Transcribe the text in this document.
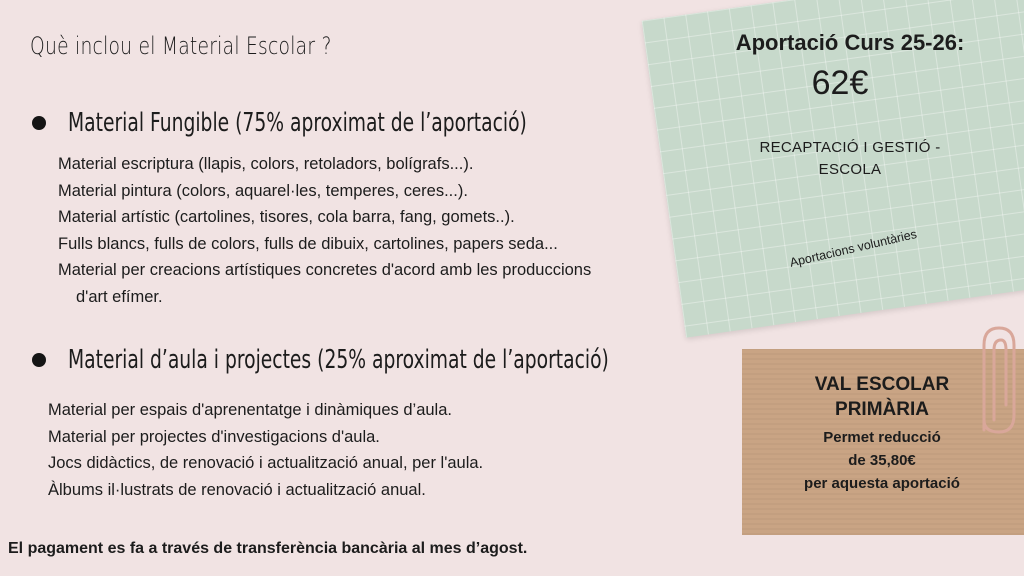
Què inclou el Material Escolar ?
Material Fungible (75% aproximat de l’aportació)
Material escriptura (llapis, colors, retoladors, bolígrafs...).
Material pintura (colors, aquarel·les, temperes, ceres...).
Material artístic (cartolines, tisores, cola barra, fang, gomets..).
Fulls blancs, fulls de colors, fulls de dibuix, cartolines, papers seda...
Material per creacions artístiques concretes d'acord amb les produccions
d'art efímer.
Material d’aula i projectes (25% aproximat de l’aportació)
Material per espais d'aprenentatge i dinàmiques d’aula.
Material per projectes d'investigacions d'aula.
Jocs didàctics, de renovació i actualització anual, per l'aula.
Àlbums il·lustrats de renovació i actualització anual.
El pagament es fa a través de transferència bancària al mes d’agost.
Aportació Curs 25-26:
62€
RECAPTACIÓ I GESTIÓ -
ESCOLA
Aportacions voluntàries
VAL ESCOLAR
PRIMÀRIA
Permet reducció
de 35,80€
per aquesta aportació
